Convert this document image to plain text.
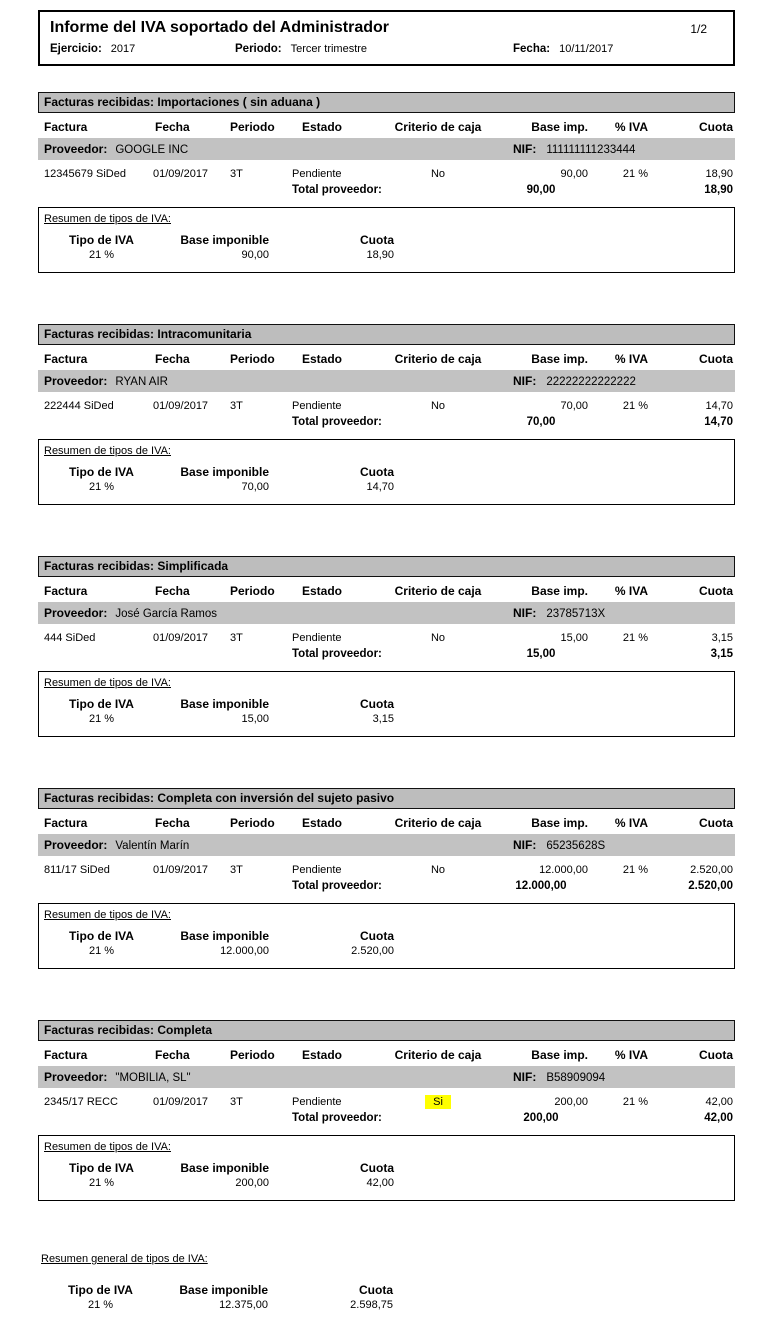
Informe del IVA soportado del Administrador	1/2
Ejercicio: 2017	Periodo: Tercer trimestre	Fecha: 10/11/2017
Facturas recibidas: Importaciones ( sin aduana )
Factura	Fecha	Periodo	Estado	Criterio de caja	Base imp.	% IVA	Cuota
Proveedor: GOOGLE INC	NIF: 111111111233444
12345679 SiDed	01/09/2017	3T	Pendiente	No	90,00	21 %	18,90
Total proveedor:	90,00	18,90
Resumen de tipos de IVA:
Tipo de IVA	Base imponible	Cuota
21 %	90,00	18,90
Facturas recibidas: Intracomunitaria
Factura	Fecha	Periodo	Estado	Criterio de caja	Base imp.	% IVA	Cuota
Proveedor: RYAN AIR	NIF: 22222222222222
222444 SiDed	01/09/2017	3T	Pendiente	No	70,00	21 %	14,70
Total proveedor:	70,00	14,70
Resumen de tipos de IVA:
Tipo de IVA	Base imponible	Cuota
21 %	70,00	14,70
Facturas recibidas: Simplificada
Factura	Fecha	Periodo	Estado	Criterio de caja	Base imp.	% IVA	Cuota
Proveedor: José García Ramos	NIF: 23785713X
444 SiDed	01/09/2017	3T	Pendiente	No	15,00	21 %	3,15
Total proveedor:	15,00	3,15
Resumen de tipos de IVA:
Tipo de IVA	Base imponible	Cuota
21 %	15,00	3,15
Facturas recibidas: Completa con inversión del sujeto pasivo
Factura	Fecha	Periodo	Estado	Criterio de caja	Base imp.	% IVA	Cuota
Proveedor: Valentín Marín	NIF: 65235628S
811/17 SiDed	01/09/2017	3T	Pendiente	No	12.000,00	21 %	2.520,00
Total proveedor:	12.000,00	2.520,00
Resumen de tipos de IVA:
Tipo de IVA	Base imponible	Cuota
21 %	12.000,00	2.520,00
Facturas recibidas: Completa
Factura	Fecha	Periodo	Estado	Criterio de caja	Base imp.	% IVA	Cuota
Proveedor: "MOBILIA, SL"	NIF: B58909094
2345/17 RECC	01/09/2017	3T	Pendiente	Si	200,00	21 %	42,00
Total proveedor:	200,00	42,00
Resumen de tipos de IVA:
Tipo de IVA	Base imponible	Cuota
21 %	200,00	42,00
Resumen general de tipos de IVA:
Tipo de IVA	Base imponible	Cuota
21 %	12.375,00	2.598,75
